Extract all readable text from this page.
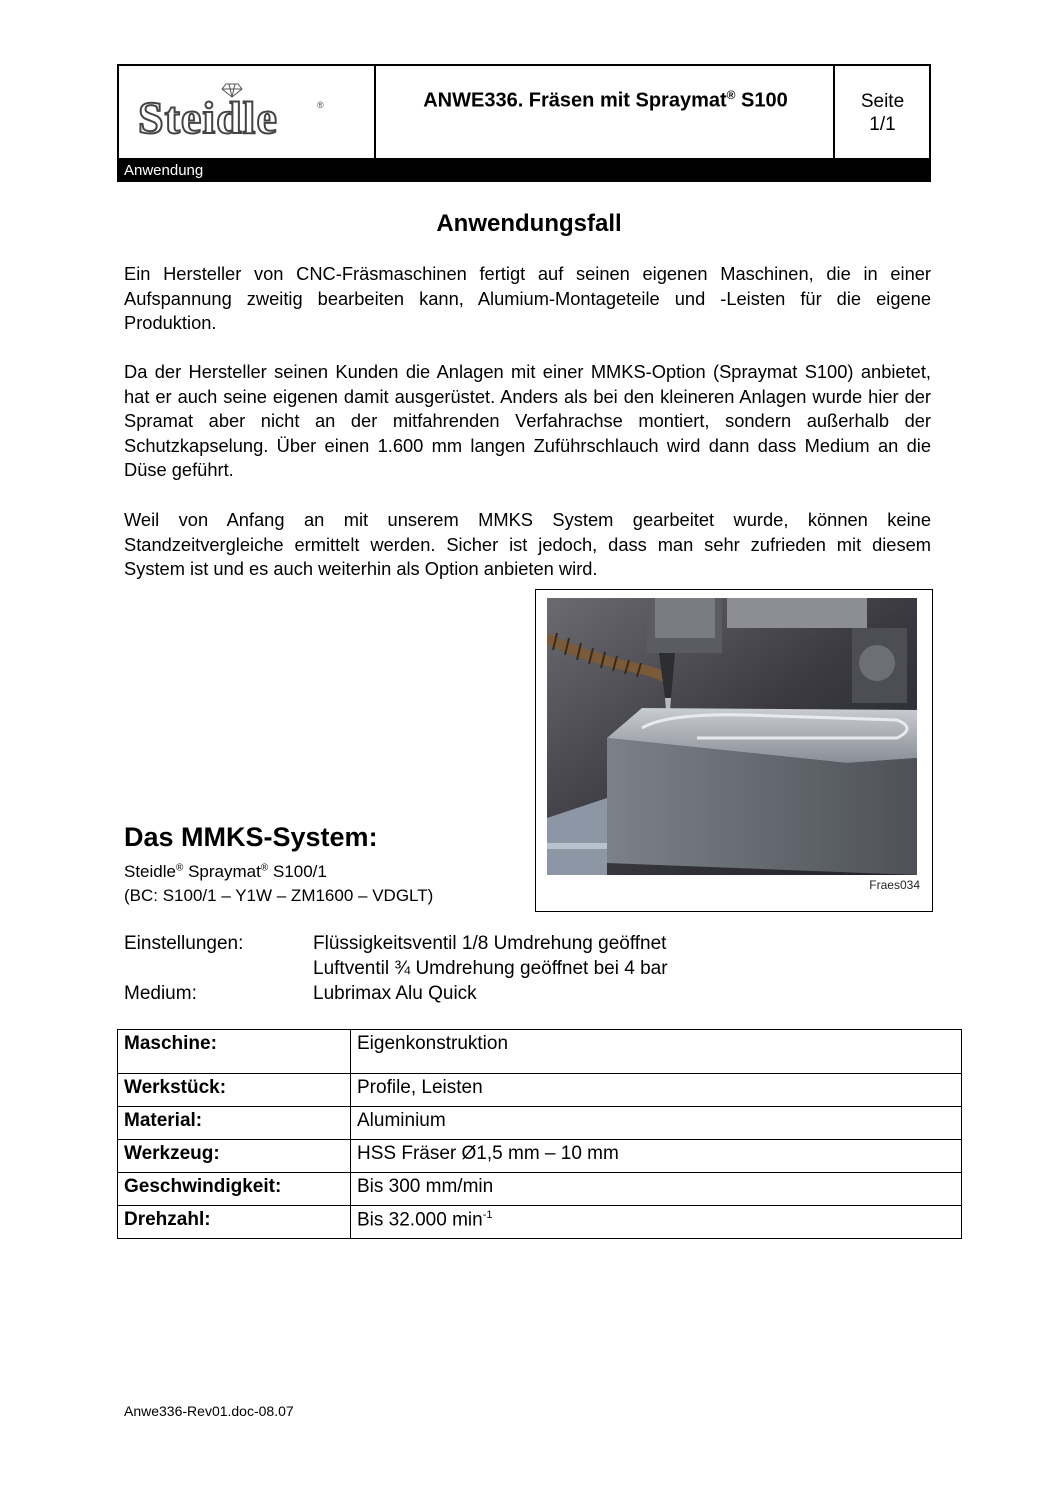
Steidle	®	ANWE336. Fräsen mit Spraymat® S100	Seite
1/1
Anwendung
Anwendungsfall
Ein Hersteller von CNC-Fräsmaschinen fertigt auf seinen eigenen Maschinen, die in einer Aufspannung zweitig bearbeiten kann, Alumium-Montageteile und -Leisten für die eigene Produktion.
Da der Hersteller seinen Kunden die Anlagen mit einer MMKS-Option (Spraymat S100) anbietet, hat er auch seine eigenen damit ausgerüstet. Anders als bei den kleineren Anlagen wurde hier der Spramat aber nicht an der mitfahrenden Verfahrachse montiert, sondern außerhalb der Schutzkapselung. Über einen 1.600 mm langen Zuführschlauch wird dann dass Medium an die Düse geführt.
Weil von Anfang an mit unserem MMKS System gearbeitet wurde, können keine Standzeitvergleiche ermittelt werden. Sicher ist jedoch, dass man sehr zufrieden mit diesem System ist und es auch weiterhin als Option anbieten wird.
Fraes034
Das MMKS-System:
Steidle® Spraymat® S100/1
(BC: S100/1 – Y1W – ZM1600 – VDGLT)
Einstellungen:	Flüssigkeitsventil 1/8 Umdrehung geöffnet
Luftventil ¾ Umdrehung geöffnet bei 4 bar
Medium:	Lubrimax Alu Quick
Maschine:	Eigenkonstruktion
Werkstück:	Profile, Leisten
Material:	Aluminium
Werkzeug:	HSS Fräser Ø1,5 mm – 10 mm
Geschwindigkeit:	Bis 300 mm/min
Drehzahl:	Bis 32.000 $\min^{-1}$
Anwe336-Rev01.doc-08.07
